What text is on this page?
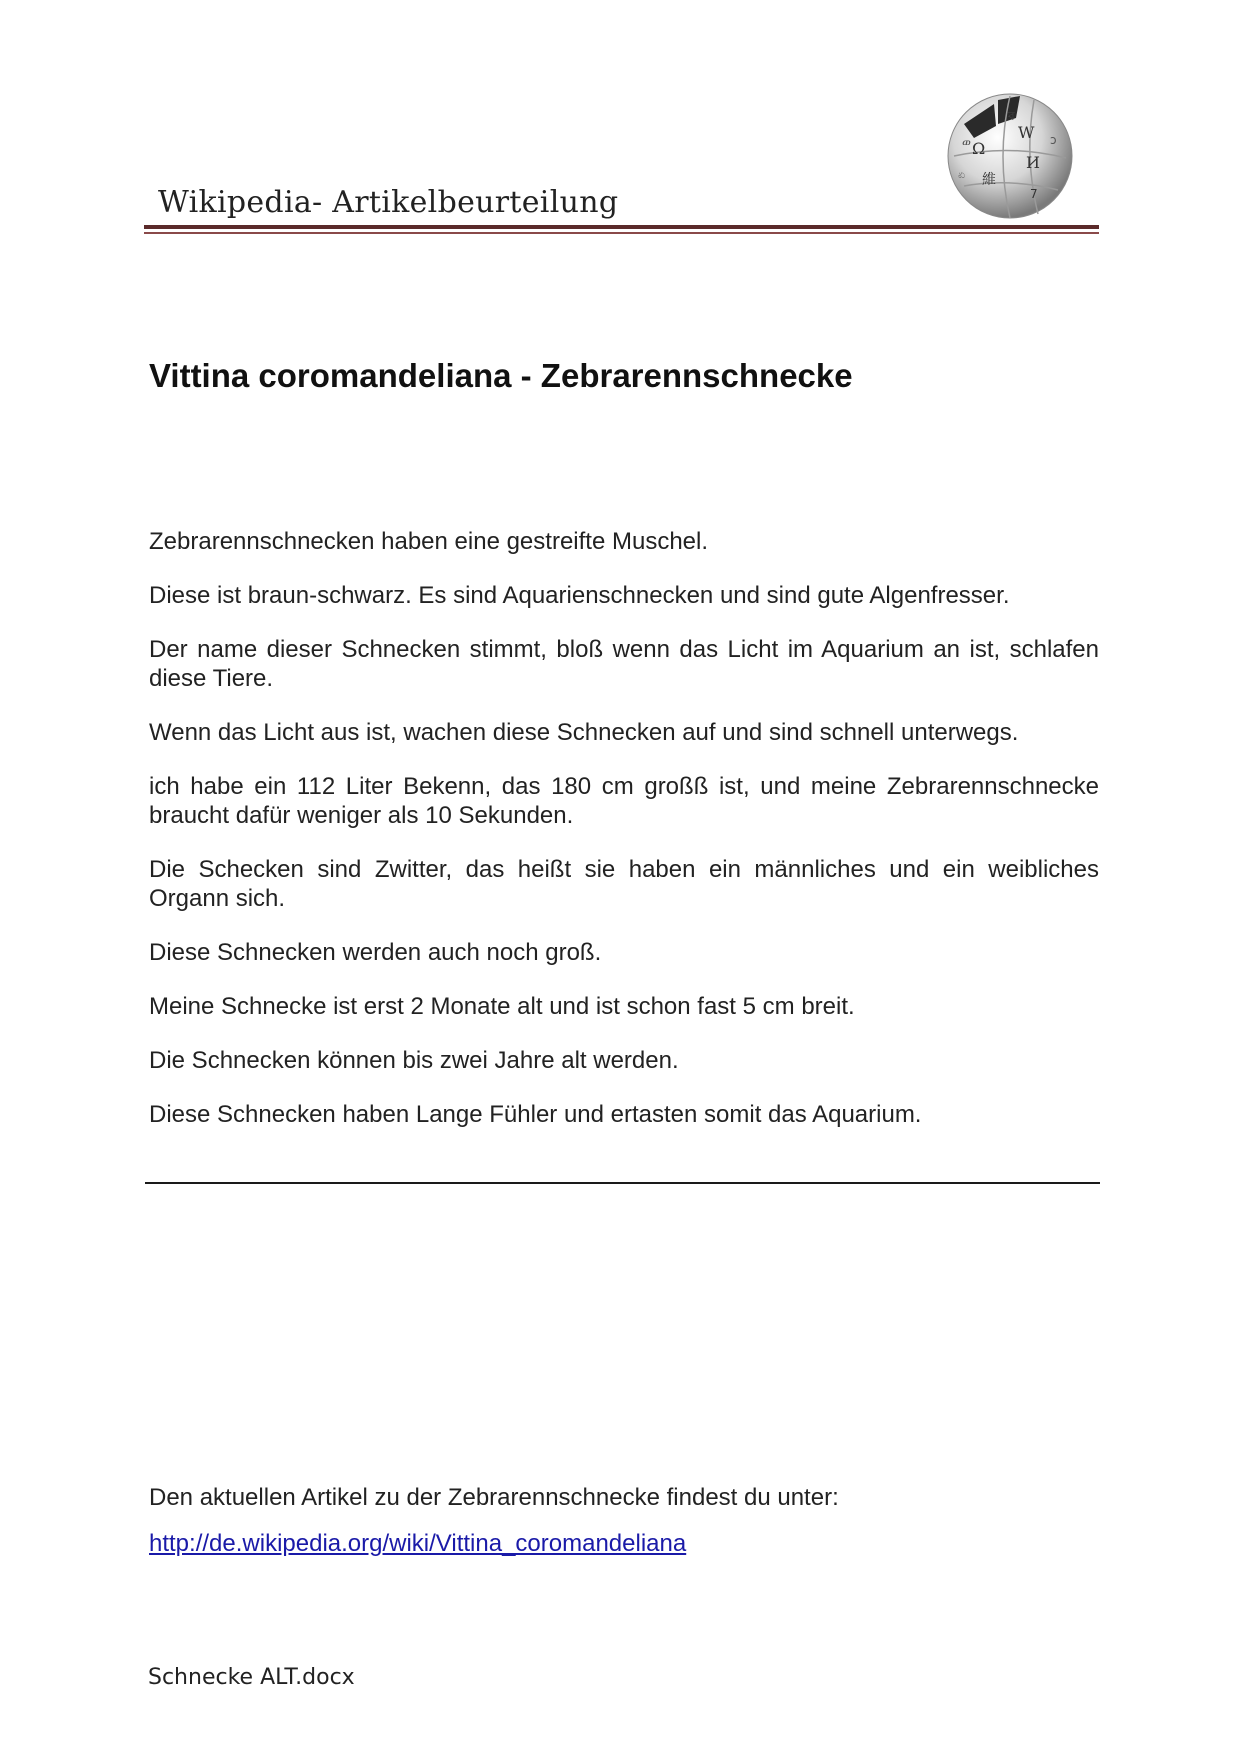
Wikipedia- Artikelbeurteilung
Ω
W
И
維
ব
ወ	ɔ
7
ಏ
Vittina coromandeliana - Zebrarennschnecke

Zebrarennschnecken haben eine gestreifte Muschel.

Diese ist braun-schwarz. Es sind Aquarienschnecken und sind gute Algenfresser.

Der name dieser Schnecken stimmt, bloß wenn das Licht im Aquarium an ist, schlafen diese Tiere.

Wenn das Licht aus ist, wachen diese Schnecken auf und sind schnell unterwegs.

ich habe ein 112 Liter Bekenn, das 180 cm großß ist, und meine Zebrarennschnecke braucht dafür weniger als 10 Sekunden.

Die Schecken sind Zwitter, das heißt sie haben ein männliches und ein weibliches Organn sich.

Diese Schnecken werden auch noch groß.

Meine Schnecke ist erst 2 Monate alt und ist schon fast 5 cm breit.

Die Schnecken können bis zwei Jahre alt werden.

Diese Schnecken haben Lange Fühler und ertasten somit das Aquarium.

Den aktuellen Artikel zu der Zebrarennschnecke findest du unter:
http://de.wikipedia.org/wiki/Vittina_coromandeliana
Schnecke ALT.docx
